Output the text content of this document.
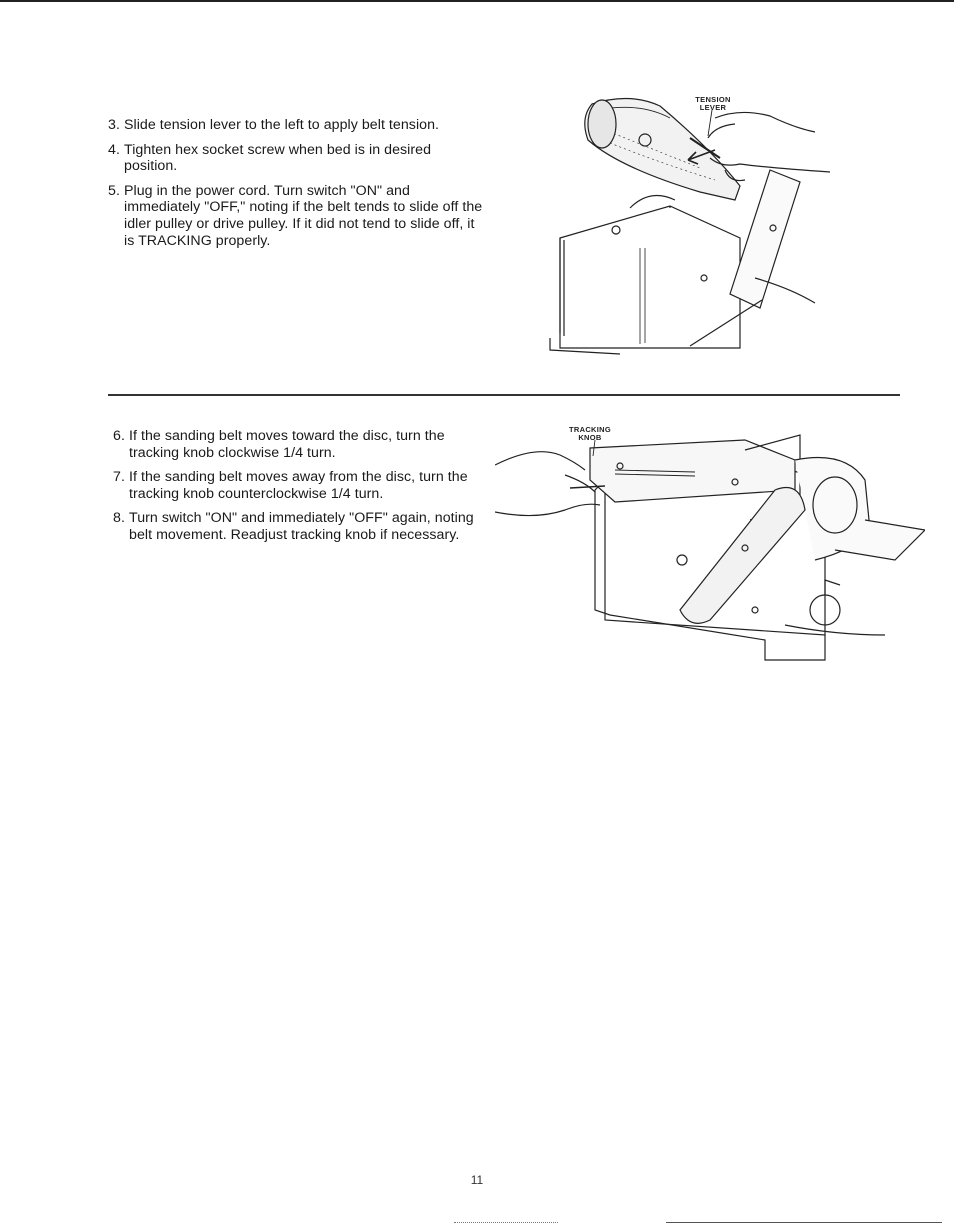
3. Slide tension lever to the left to apply belt tension.
4. Tighten hex socket screw when bed is in desired position.
5. Plug in the power cord. Turn switch "ON" and immediately "OFF," noting if the belt tends to slide off the idler pulley or drive pulley. If it did not tend to slide off, it is TRACKING properly.
TENSION
LEVER
6. If the sanding belt moves toward the disc, turn the tracking knob clockwise 1/4 turn.
7. If the sanding belt moves away from the disc, turn the tracking knob counterclockwise 1/4 turn.
8. Turn switch "ON" and immediately "OFF" again, noting belt movement. Readjust tracking knob if necessary.
TRACKING
KNOB
11
